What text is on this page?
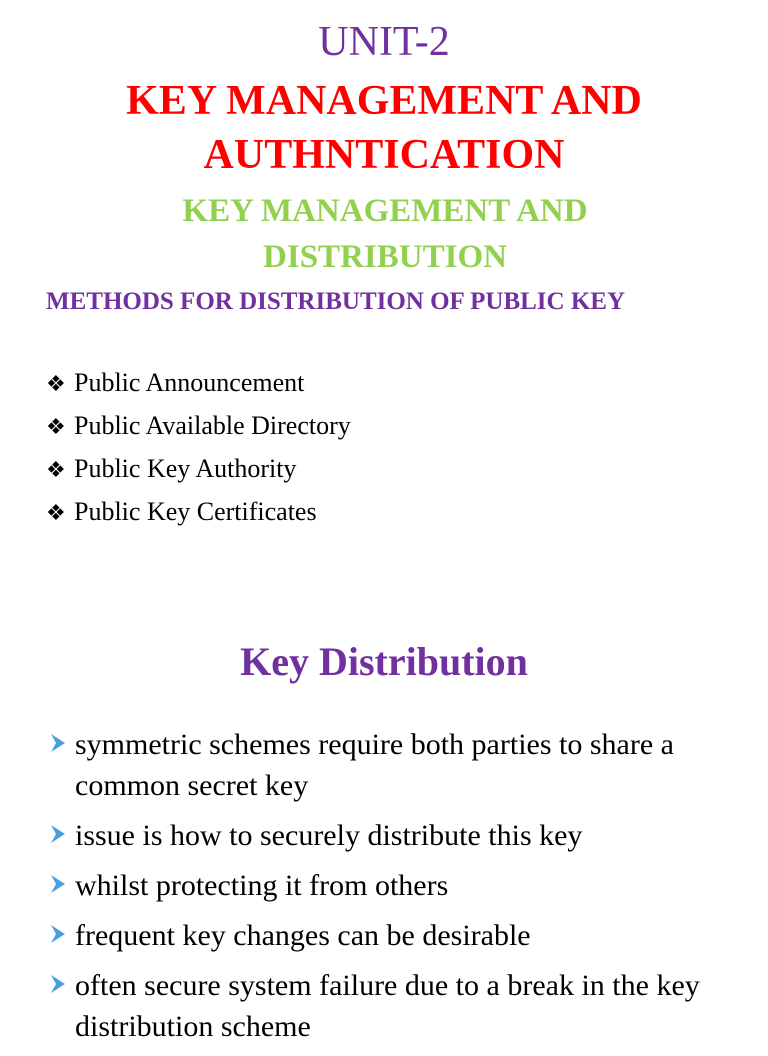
UNIT-2
KEY MANAGEMENT AND
AUTHNTICATION
KEY MANAGEMENT AND
DISTRIBUTION
METHODS FOR DISTRIBUTION OF PUBLIC KEY
❖ Public Announcement
❖ Public Available Directory
❖ Public Key Authority
❖ Public Key Certificates
Key Distribution
symmetric schemes require both parties to share a common secret key
issue is how to securely distribute this key
whilst protecting it from others
frequent key changes can be desirable
often secure system failure due to a break in the key distribution scheme
